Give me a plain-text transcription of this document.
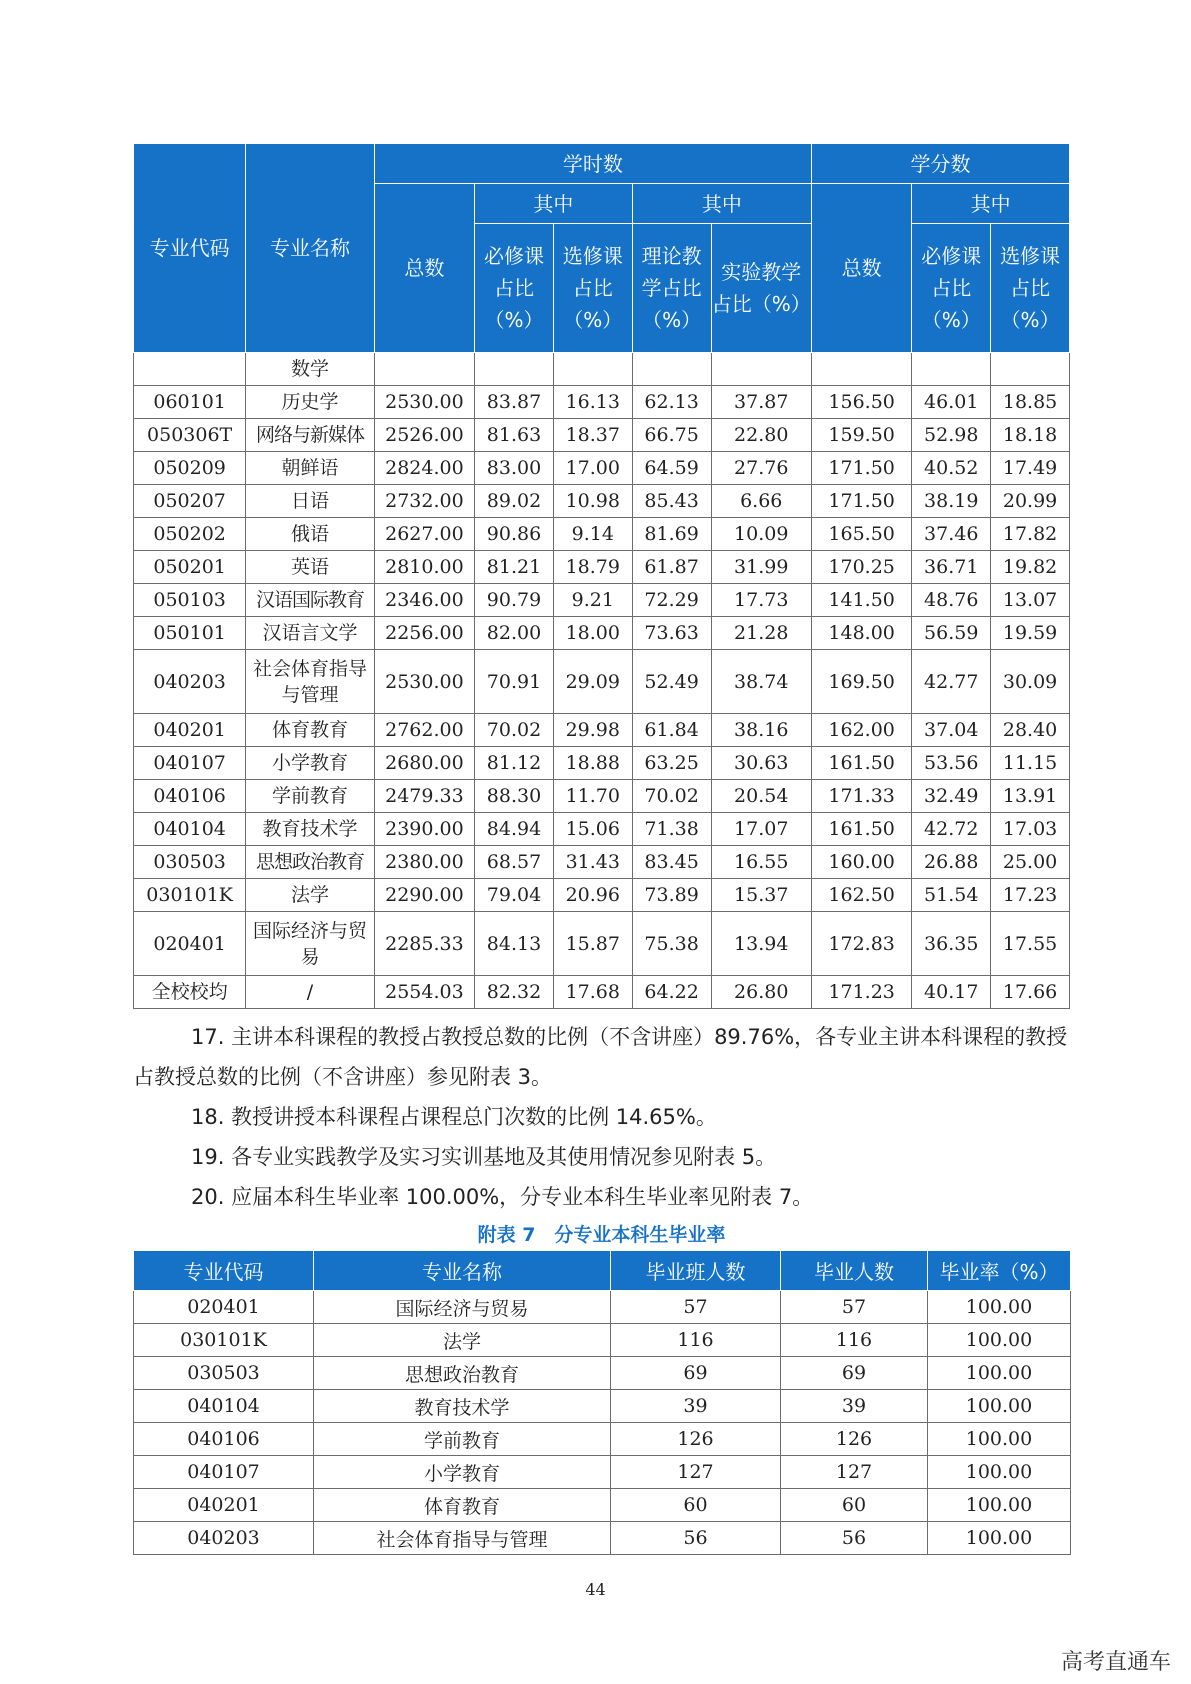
专业代码	专业名称	学时数					学分数		
		总数	其中		其中		总数	其中	
			必修课占比（%）	选修课占比（%）	理论教学占比（%）	实验教学占比（%）		必修课占比（%）	选修课占比（%）
	数学								
060101	历史学	2530.00	83.87	16.13	62.13	37.87	156.50	46.01	18.85
050306T	网络与新媒体	2526.00	81.63	18.37	66.75	22.80	159.50	52.98	18.18
050209	朝鲜语	2824.00	83.00	17.00	64.59	27.76	171.50	40.52	17.49
050207	日语	2732.00	89.02	10.98	85.43	6.66	171.50	38.19	20.99
050202	俄语	2627.00	90.86	9.14	81.69	10.09	165.50	37.46	17.82
050201	英语	2810.00	81.21	18.79	61.87	31.99	170.25	36.71	19.82
050103	汉语国际教育	2346.00	90.79	9.21	72.29	17.73	141.50	48.76	13.07
050101	汉语言文学	2256.00	82.00	18.00	73.63	21.28	148.00	56.59	19.59
040203	社会体育指导与管理	2530.00	70.91	29.09	52.49	38.74	169.50	42.77	30.09
040201	体育教育	2762.00	70.02	29.98	61.84	38.16	162.00	37.04	28.40
040107	小学教育	2680.00	81.12	18.88	63.25	30.63	161.50	53.56	11.15
040106	学前教育	2479.33	88.30	11.70	70.02	20.54	171.33	32.49	13.91
040104	教育技术学	2390.00	84.94	15.06	71.38	17.07	161.50	42.72	17.03
030503	思想政治教育	2380.00	68.57	31.43	83.45	16.55	160.00	26.88	25.00
030101K	法学	2290.00	79.04	20.96	73.89	15.37	162.50	51.54	17.23
020401	国际经济与贸易	2285.33	84.13	15.87	75.38	13.94	172.83	36.35	17.55
全校校均	/	2554.03	82.32	17.68	64.22	26.80	171.23	40.17	17.66
17. 主讲本科课程的教授占教授总数的比例（不含讲座）89.76%，各专业主讲本科课程的教授占教授总数的比例（不含讲座）参见附表 3。
18. 教授讲授本科课程占课程总门次数的比例 14.65%。
19. 各专业实践教学及实习实训基地及其使用情况参见附表 5。
20. 应届本科生毕业率 100.00%，分专业本科生毕业率见附表 7。
附表 7　分专业本科生毕业率
专业代码	专业名称	毕业班人数	毕业人数	毕业率（%）
020401	国际经济与贸易	57	57	100.00
030101K	法学	116	116	100.00
030503	思想政治教育	69	69	100.00
040104	教育技术学	39	39	100.00
040106	学前教育	126	126	100.00
040107	小学教育	127	127	100.00
040201	体育教育	60	60	100.00
040203	社会体育指导与管理	56	56	100.00
44
高考直通车
